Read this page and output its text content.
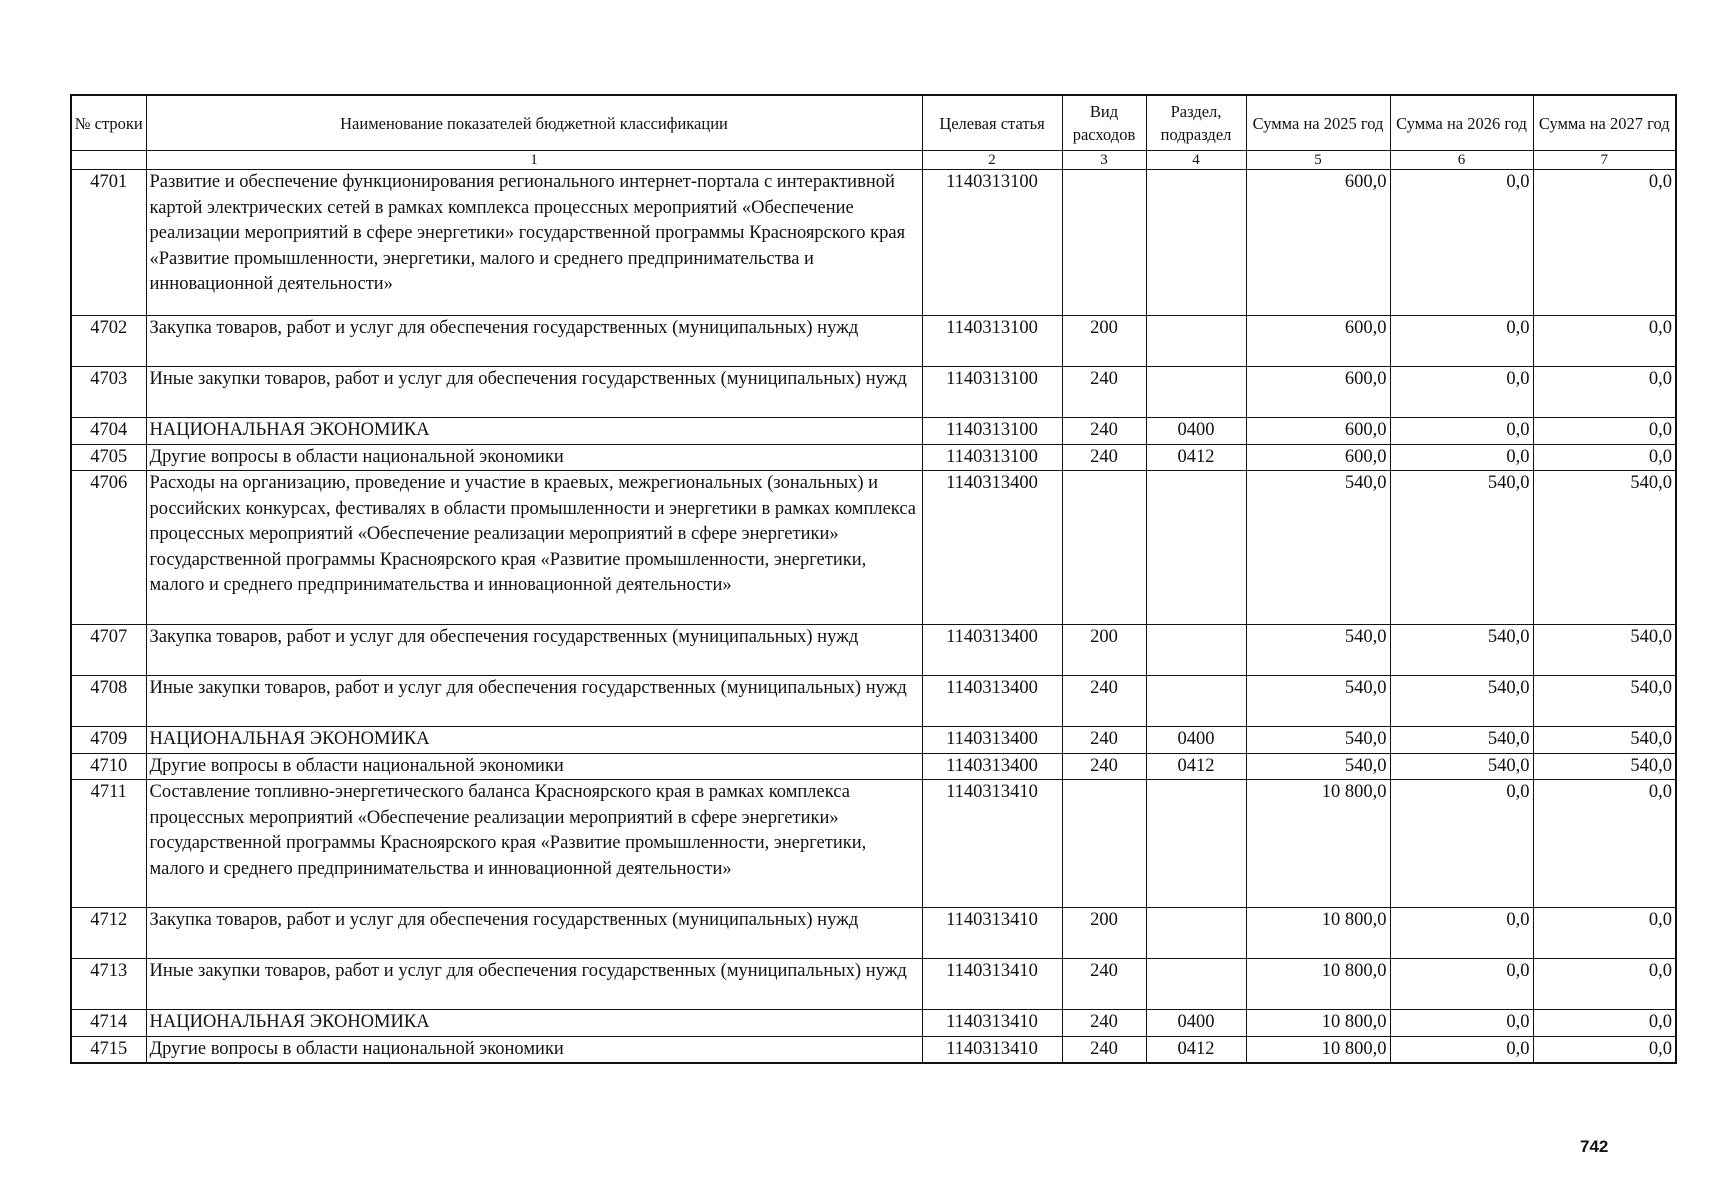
№ строки	Наименование показателей бюджетной классификации	Целевая статья	Вид расходов	Раздел, подраздел	Сумма на 2025 год	Сумма на 2026 год	Сумма на 2027 год
	1	2	3	4	5	6	7
4701	Развитие и обеспечение функционирования регионального интернет-портала с интерактивной картой электрических сетей в рамках комплекса процессных мероприятий «Обеспечение реализации мероприятий в сфере энергетики» государственной программы Красноярского края «Развитие промышленности, энергетики, малого и среднего предпринимательства и инновационной деятельности»	1140313100			600,0	0,0	0,0
4702	Закупка товаров, работ и услуг для обеспечения государственных (муниципальных) нужд	1140313100	200		600,0	0,0	0,0
4703	Иные закупки товаров, работ и услуг для обеспечения государственных (муниципальных) нужд	1140313100	240		600,0	0,0	0,0
4704	НАЦИОНАЛЬНАЯ ЭКОНОМИКА	1140313100	240	0400	600,0	0,0	0,0
4705	Другие вопросы в области национальной экономики	1140313100	240	0412	600,0	0,0	0,0
4706	Расходы на организацию, проведение и участие в краевых, межрегиональных (зональных) и российских конкурсах, фестивалях в области промышленности и энергетики в рамках комплекса процессных мероприятий «Обеспечение реализации мероприятий в сфере энергетики» государственной программы Красноярского края «Развитие промышленности, энергетики, малого и среднего предпринимательства и инновационной деятельности»	1140313400			540,0	540,0	540,0
4707	Закупка товаров, работ и услуг для обеспечения государственных (муниципальных) нужд	1140313400	200		540,0	540,0	540,0
4708	Иные закупки товаров, работ и услуг для обеспечения государственных (муниципальных) нужд	1140313400	240		540,0	540,0	540,0
4709	НАЦИОНАЛЬНАЯ ЭКОНОМИКА	1140313400	240	0400	540,0	540,0	540,0
4710	Другие вопросы в области национальной экономики	1140313400	240	0412	540,0	540,0	540,0
4711	Составление топливно-энергетического баланса Красноярского края в рамках комплекса процессных мероприятий «Обеспечение реализации мероприятий в сфере энергетики» государственной программы Красноярского края «Развитие промышленности, энергетики, малого и среднего предпринимательства и инновационной деятельности»	1140313410			10 800,0	0,0	0,0
4712	Закупка товаров, работ и услуг для обеспечения государственных (муниципальных) нужд	1140313410	200		10 800,0	0,0	0,0
4713	Иные закупки товаров, работ и услуг для обеспечения государственных (муниципальных) нужд	1140313410	240		10 800,0	0,0	0,0
4714	НАЦИОНАЛЬНАЯ ЭКОНОМИКА	1140313410	240	0400	10 800,0	0,0	0,0
4715	Другие вопросы в области национальной экономики	1140313410	240	0412	10 800,0	0,0	0,0
742
